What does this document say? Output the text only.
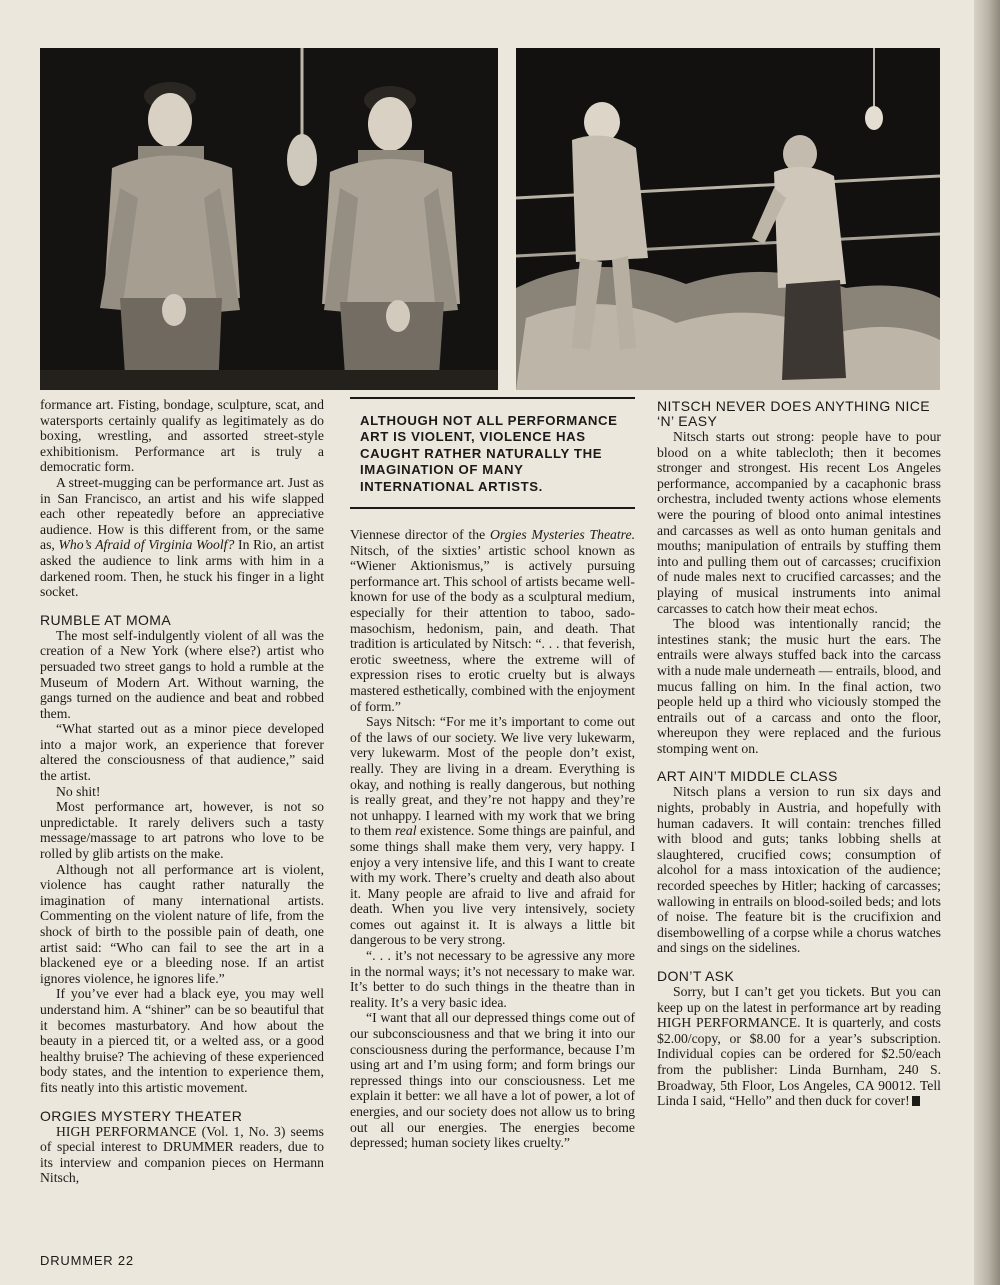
formance art. Fisting, bondage, sculpture, scat, and watersports certainly qualify as legitimately as do boxing, wrestling, and assorted street-style exhibitionism. Performance art is truly a democratic form.

A street-mugging can be performance art. Just as in San Francisco, an artist and his wife slapped each other repeatedly before an appreciative audience. How is this different from, or the same as, Who’s Afraid of Virginia Woolf? In Rio, an artist asked the audience to link arms with him in a darkened room. Then, he stuck his finger in a light socket.

RUMBLE AT MOMA

The most self-indulgently violent of all was the creation of a New York (where else?) artist who persuaded two street gangs to hold a rumble at the Museum of Modern Art. Without warning, the gangs turned on the audience and beat and robbed them.

“What started out as a minor piece developed into a major work, an experience that forever altered the consciousness of that audience,” said the artist.

No shit!

Most performance art, however, is not so unpredictable. It rarely delivers such a tasty message/massage to art patrons who love to be rolled by glib artists on the make.

Although not all performance art is violent, violence has caught rather naturally the imagination of many international artists. Commenting on the violent nature of life, from the shock of birth to the possible pain of death, one artist said: “Who can fail to see the art in a blackened eye or a bleeding nose. If an artist ignores violence, he ignores life.”

If you’ve ever had a black eye, you may well understand him. A “shiner” can be so beautiful that it becomes masturbatory. And how about the beauty in a pierced tit, or a welted ass, or a good healthy bruise? The achieving of these experienced body states, and the intention to experience them, fits neatly into this artistic movement.

ORGIES MYSTERY THEATER

HIGH PERFORMANCE (Vol. 1, No. 3) seems of special interest to DRUMMER readers, due to its interview and companion pieces on Hermann Nitsch,

ALTHOUGH NOT ALL PERFORMANCE ART IS VIOLENT, VIOLENCE HAS CAUGHT RATHER NATURALLY THE IMAGINATION OF MANY INTERNATIONAL ARTISTS.

Viennese director of the Orgies Mysteries Theatre. Nitsch, of the sixties’ artistic school known as “Wiener Aktionismus,” is actively pursuing performance art. This school of artists became well-known for use of the body as a sculptural medium, especially for their attention to taboo, sado-masochism, hedonism, pain, and death. That tradition is articulated by Nitsch: “. . . that feverish, erotic sweetness, where the extreme will of expression rises to erotic cruelty but is always mastered esthetically, combined with the enjoyment of form.”

Says Nitsch: “For me it’s important to come out of the laws of our society. We live very lukewarm, very lukewarm. Most of the people don’t exist, really. They are living in a dream. Everything is okay, and nothing is really dangerous, but nothing is really great, and they’re not happy and they’re not unhappy. I learned with my work that we bring to them real existence. Some things are painful, and some things shall make them very, very happy. I enjoy a very intensive life, and this I want to create with my work. There’s cruelty and death also about it. Many people are afraid to live and afraid for death. When you live very intensively, society comes out against it. It is always a little bit dangerous to be very strong.

“. . . it’s not necessary to be agressive any more in the normal ways; it’s not necessary to make war. It’s better to do such things in the theatre than in reality. It’s a very basic idea.

“I want that all our depressed things come out of our subconsciousness and that we bring it into our consciousness during the performance, because I’m using art and I’m using form; and form brings our repressed things into our consciousness. Let me explain it better: we all have a lot of power, a lot of energies, and our society does not allow us to bring out all our energies. The energies become depressed; human society likes cruelty.”

NITSCH NEVER DOES ANYTHING NICE ‘N’ EASY

Nitsch starts out strong: people have to pour blood on a white tablecloth; then it becomes stronger and strongest. His recent Los Angeles performance, accompanied by a cacaphonic brass orchestra, included twenty actions whose elements were the pouring of blood onto animal intestines and carcasses as well as onto human genitals and mouths; manipulation of entrails by stuffing them into and pulling them out of carcasses; crucifixion of nude males next to crucified carcasses; and the playing of musical instruments into animal carcasses to catch how their meat echos.

The blood was intentionally rancid; the intestines stank; the music hurt the ears. The entrails were always stuffed back into the carcass with a nude male underneath — entrails, blood, and mucus falling on him. In the final action, two people held up a third who viciously stomped the entrails out of a carcass and onto the floor, whereupon they were replaced and the furious stomping went on.

ART AIN’T MIDDLE CLASS

Nitsch plans a version to run six days and nights, probably in Austria, and hopefully with human cadavers. It will contain: trenches filled with blood and guts; tanks lobbing shells at slaughtered, crucified cows; consumption of alcohol for a mass intoxication of the audience; recorded speeches by Hitler; hacking of carcasses; wallowing in entrails on blood-soiled beds; and lots of noise. The feature bit is the crucifixion and disembowelling of a corpse while a chorus watches and sings on the sidelines.

DON’T ASK

Sorry, but I can’t get you tickets. But you can keep up on the latest in performance art by reading HIGH PERFORMANCE. It is quarterly, and costs $2.00/copy, or $8.00 for a year’s subscription. Individual copies can be ordered for $2.50/each from the publisher: Linda Burnham, 240 S. Broadway, 5th Floor, Los Angeles, CA 90012. Tell Linda I said, “Hello” and then duck for cover!

DRUMMER 22
